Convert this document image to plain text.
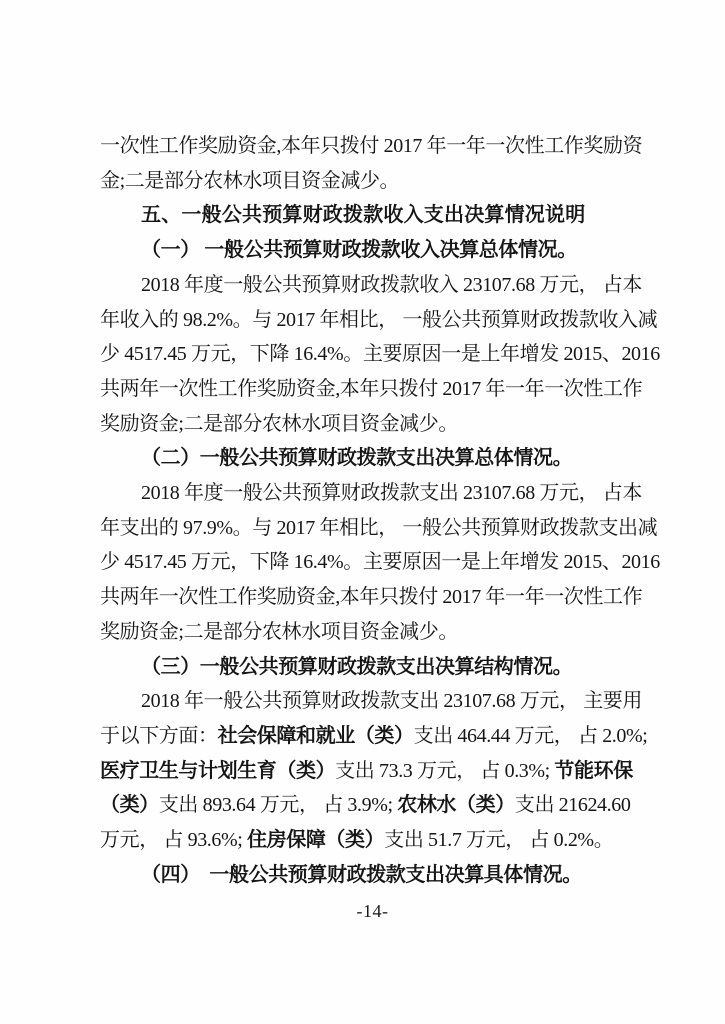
一次性工作奖励资金,本年只拨付 2017 年一年一次性工作奖励资

金;二是部分农林水项目资金减少。

五、一般公共预算财政拨款收入支出决算情况说明

（一） 一般公共预算财政拨款收入决算总体情况。

2018 年度一般公共预算财政拨款收入 23107.68 万元， 占本

年收入的 98.2%。与 2017 年相比， 一般公共预算财政拨款收入减

少 4517.45 万元，下降 16.4%。主要原因一是上年增发 2015、2016

共两年一次性工作奖励资金,本年只拨付 2017 年一年一次性工作

奖励资金;二是部分农林水项目资金减少。

（二）一般公共预算财政拨款支出决算总体情况。

2018 年度一般公共预算财政拨款支出 23107.68 万元， 占本

年支出的 97.9%。与 2017 年相比， 一般公共预算财政拨款支出减

少 4517.45 万元，下降 16.4%。主要原因一是上年增发 2015、2016

共两年一次性工作奖励资金,本年只拨付 2017 年一年一次性工作

奖励资金;二是部分农林水项目资金减少。

（三）一般公共预算财政拨款支出决算结构情况。

2018 年一般公共预算财政拨款支出 23107.68 万元， 主要用

于以下方面：社会保障和就业（类）支出 464.44 万元， 占 2.0%;

医疗卫生与计划生育（类）支出 73.3 万元， 占 0.3%; 节能环保

（类）支出 893.64 万元， 占 3.9%; 农林水（类）支出 21624.60

万元， 占 93.6%; 住房保障（类）支出 51.7 万元， 占 0.2%。

（四）　一般公共预算财政拨款支出决算具体情况。

-14-
